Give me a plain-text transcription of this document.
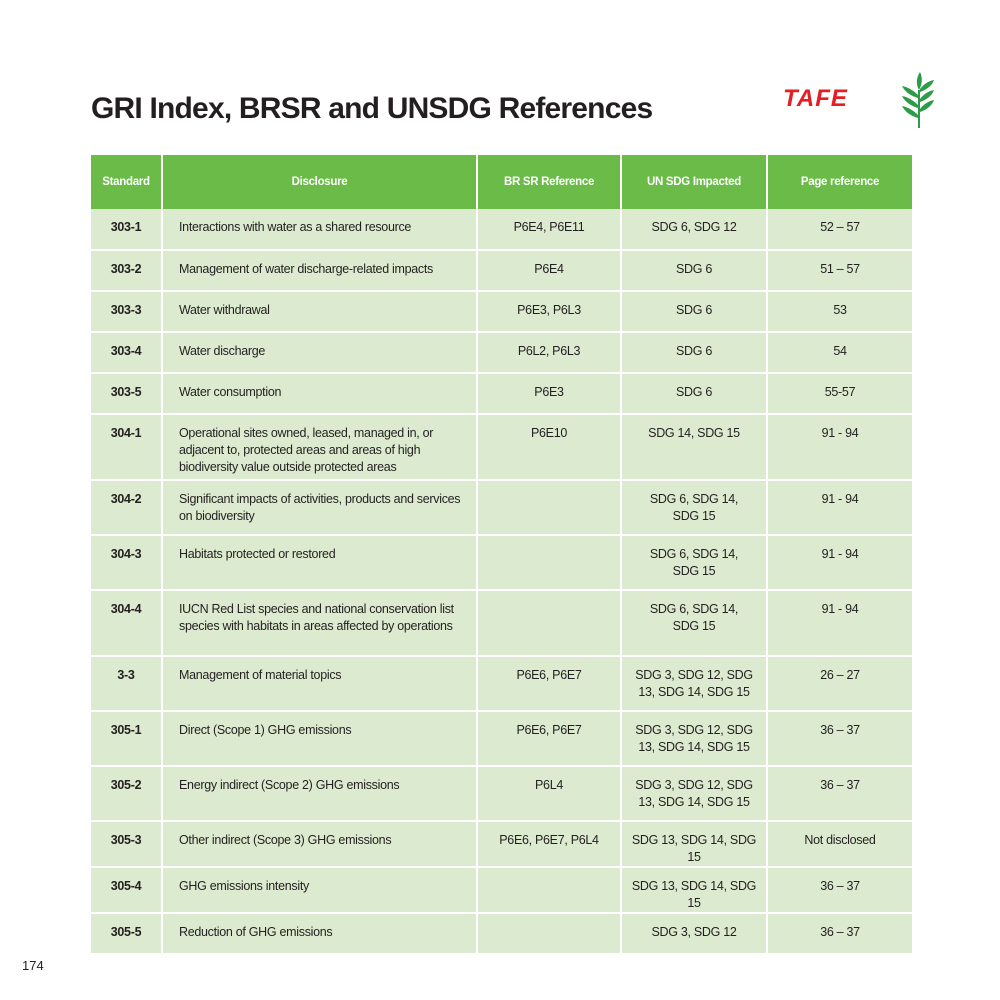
GRI Index, BRSR and UNSDG References	TAFE
Standard	Disclosure	BR SR Reference	UN SDG Impacted	Page reference
303-1	Interactions with water as a shared resource	P6E4, P6E11	SDG 6, SDG 12	52 – 57
303-2	Management of water discharge-related impacts	P6E4	SDG 6	51 – 57
303-3	Water withdrawal	P6E3, P6L3	SDG 6	53
303-4	Water discharge	P6L2, P6L3	SDG 6	54
303-5	Water consumption	P6E3	SDG 6	55-57
304-1	Operational sites owned, leased, managed in, or adjacent to, protected areas and areas of high biodiversity value outside protected areas	P6E10	SDG 14, SDG 15	91 - 94
304-2	Significant impacts of activities, products and services on biodiversity		SDG 6, SDG 14, SDG 15	91 - 94
304-3	Habitats protected or restored		SDG 6, SDG 14, SDG 15	91 - 94
304-4	IUCN Red List species and national conservation list species with habitats in areas affected by operations		SDG 6, SDG 14, SDG 15	91 - 94
3-3	Management of material topics	P6E6, P6E7	SDG 3, SDG 12, SDG 13, SDG 14, SDG 15	26 – 27
305-1	Direct (Scope 1) GHG emissions	P6E6, P6E7	SDG 3, SDG 12, SDG 13, SDG 14, SDG 15	36 – 37
305-2	Energy indirect (Scope 2) GHG emissions	P6L4	SDG 3, SDG 12, SDG 13, SDG 14, SDG 15	36 – 37
305-3	Other indirect (Scope 3) GHG emissions	P6E6, P6E7, P6L4	SDG 13, SDG 14, SDG 15	Not disclosed
305-4	GHG emissions intensity		SDG 13, SDG 14, SDG 15	36 – 37
305-5	Reduction of GHG emissions		SDG 3, SDG 12	36 – 37
174
